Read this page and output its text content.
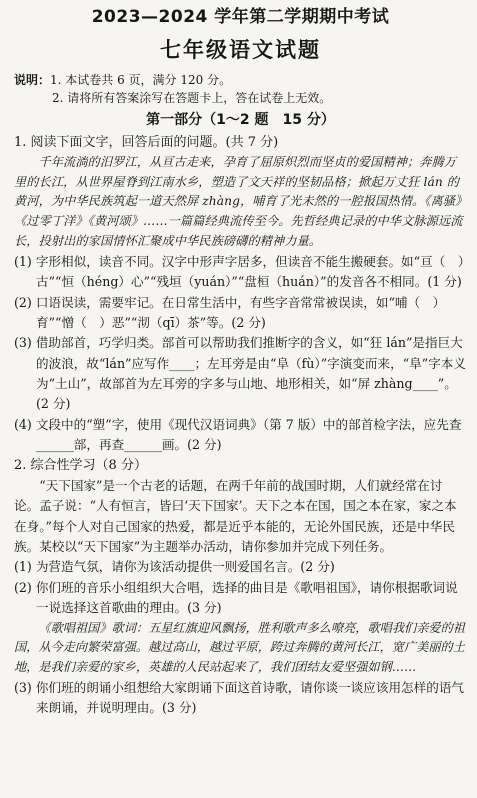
2023—2024 学年第二学期期中考试
七年级语文试题
说明：1. 本试卷共 6 页，满分 120 分。
2. 请将所有答案涂写在答题卡上，答在试卷上无效。
第一部分（1～2 题　15 分）
1. 阅读下面文字，回答后面的问题。(共 7 分)
千年流淌的汨罗江，从亘古走来，孕育了屈原炽烈而坚贞的爱国精神；奔腾万里的长江，从世界屋脊到江南水乡，塑造了文天祥的坚韧品格；掀起万丈狂 lán 的黄河，为中华民族筑起一道天然屏 zhàng，哺育了光未然的一腔报国热情。《离骚》《过零丁洋》《黄河颂》……一篇篇经典流传至今。先哲经典记录的中华文脉源远流长，投射出的家国情怀汇聚成中华民族磅礴的精神力量。
(1) 字形相似，读音不同。汉字中形声字居多，但读音不能生搬硬套。如“亘（　）古”“恒（héng）心”“残垣（yuán）”“盘桓（huán）”的发音各不相同。(1 分)
(2) 口语误读，需要牢记。在日常生活中，有些字音常常被误读，如“哺（　）育”“憎（　）恶”“沏（qī）茶”等。(2 分)
(3) 借助部首，巧学归类。部首可以帮助我们推断字的含义，如“狂 lán”是指巨大的波浪，故“lán”应写作____；左耳旁是由“阜（fù）”字演变而来，“阜”字本义为“土山”，故部首为左耳旁的字多与山地、地形相关，如“屏 zhàng____”。(2 分)
(4) 文段中的“塑”字，使用《现代汉语词典》（第 7 版）中的部首检字法，应先查______部，再查______画。(2 分)
2. 综合性学习（8 分）
“天下国家”是一个古老的话题，在两千年前的战国时期，人们就经常在讨论。孟子说：“人有恒言，皆曰‘天下国家’。天下之本在国，国之本在家，家之本在身。”每个人对自己国家的热爱，都是近乎本能的，无论外国民族，还是中华民族。某校以“天下国家”为主题举办活动，请你参加并完成下列任务。
(1) 为营造气氛，请你为该活动提供一则爱国名言。(2 分)
(2) 你们班的音乐小组组织大合唱，选择的曲目是《歌唱祖国》，请你根据歌词说一说选择这首歌曲的理由。(3 分)
《歌唱祖国》歌词：五星红旗迎风飘扬，胜利歌声多么嘹亮，歌唱我们亲爱的祖国，从今走向繁荣富强。越过高山，越过平原，跨过奔腾的黄河长江，宽广美丽的土地，是我们亲爱的家乡，英雄的人民站起来了，我们团结友爱坚强如钢……
(3) 你们班的朗诵小组想给大家朗诵下面这首诗歌，请你谈一谈应该用怎样的语气来朗诵，并说明理由。(3 分)
